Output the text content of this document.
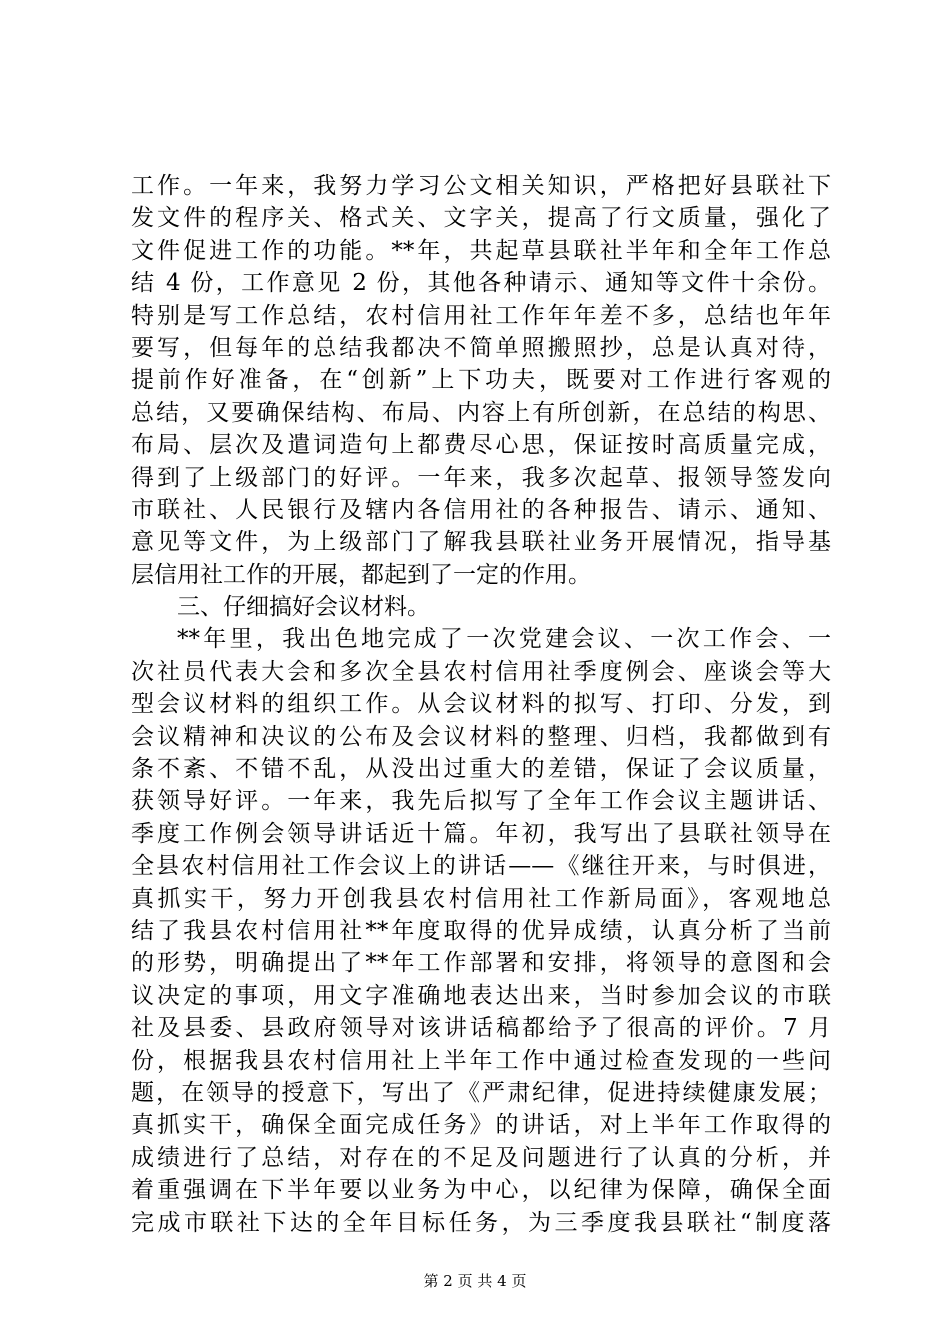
工作。一年来，我努力学习公文相关知识，严格把好县联社下
发文件的程序关、格式关、文字关，提高了行文质量，强化了
文件促进工作的功能。**年，共起草县联社半年和全年工作总
结 4 份，工作意见 2 份，其他各种请示、通知等文件十余份。
特别是写工作总结，农村信用社工作年年差不多，总结也年年
要写，但每年的总结我都决不简单照搬照抄，总是认真对待，
提前作好准备，在“创新”上下功夫，既要对工作进行客观的
总结，又要确保结构、布局、内容上有所创新，在总结的构思、
布局、层次及遣词造句上都费尽心思，保证按时高质量完成，
得到了上级部门的好评。一年来，我多次起草、报领导签发向
市联社、人民银行及辖内各信用社的各种报告、请示、通知、
意见等文件，为上级部门了解我县联社业务开展情况，指导基
层信用社工作的开展，都起到了一定的作用。
三、仔细搞好会议材料。
**年里，我出色地完成了一次党建会议、一次工作会、一
次社员代表大会和多次全县农村信用社季度例会、座谈会等大
型会议材料的组织工作。从会议材料的拟写、打印、分发，到
会议精神和决议的公布及会议材料的整理、归档，我都做到有
条不紊、不错不乱，从没出过重大的差错，保证了会议质量，
获领导好评。一年来，我先后拟写了全年工作会议主题讲话、
季度工作例会领导讲话近十篇。年初，我写出了县联社领导在
全县农村信用社工作会议上的讲话——《继往开来，与时俱进，
真抓实干，努力开创我县农村信用社工作新局面》，客观地总
结了我县农村信用社**年度取得的优异成绩，认真分析了当前
的形势，明确提出了**年工作部署和安排，将领导的意图和会
议决定的事项，用文字准确地表达出来，当时参加会议的市联
社及县委、县政府领导对该讲话稿都给予了很高的评价。7 月
份，根据我县农村信用社上半年工作中通过检查发现的一些问
题，在领导的授意下，写出了《严肃纪律，促进持续健康发展；
真抓实干，确保全面完成任务》的讲话，对上半年工作取得的
成绩进行了总结，对存在的不足及问题进行了认真的分析，并
着重强调在下半年要以业务为中心，以纪律为保障，确保全面
完成市联社下达的全年目标任务，为三季度我县联社“制度落
第 2 页 共 4 页
